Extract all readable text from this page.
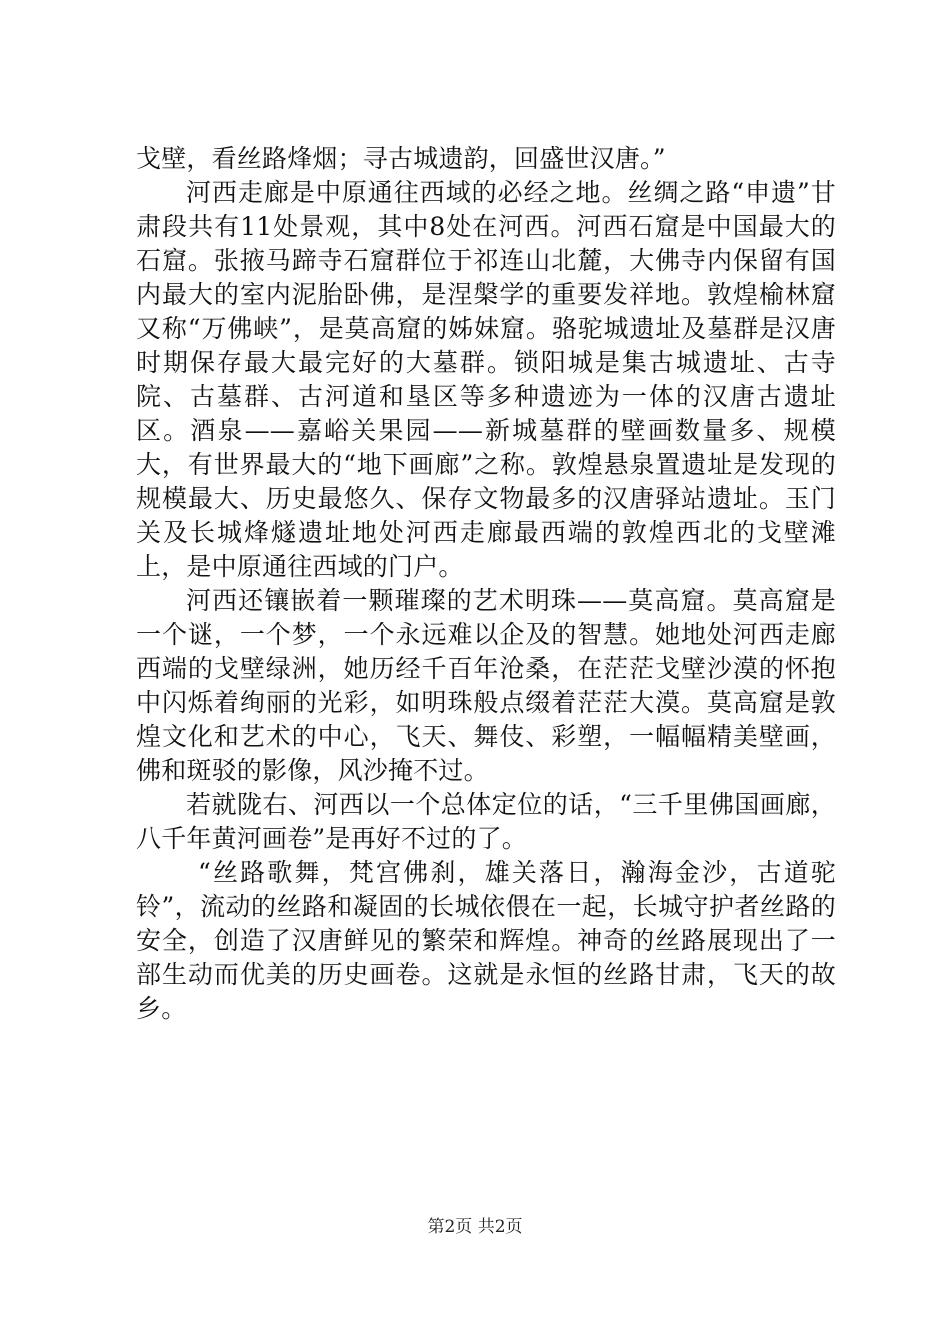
戈壁，看丝路烽烟；寻古城遗韵，回盛世汉唐。”

河西走廊是中原通往西域的必经之地。丝绸之路“申遗”甘肃段共有11处景观，其中8处在河西。河西石窟是中国最大的石窟。张掖马蹄寺石窟群位于祁连山北麓，大佛寺内保留有国内最大的室内泥胎卧佛，是涅槃学的重要发祥地。敦煌榆林窟又称“万佛峡”，是莫高窟的姊妹窟。骆驼城遗址及墓群是汉唐时期保存最大最完好的大墓群。锁阳城是集古城遗址、古寺院、古墓群、古河道和垦区等多种遗迹为一体的汉唐古遗址区。酒泉——嘉峪关果园——新城墓群的壁画数量多、规模大，有世界最大的“地下画廊”之称。敦煌悬泉置遗址是发现的规模最大、历史最悠久、保存文物最多的汉唐驿站遗址。玉门关及长城烽燧遗址地处河西走廊最西端的敦煌西北的戈壁滩上，是中原通往西域的门户。

河西还镶嵌着一颗璀璨的艺术明珠——莫高窟。莫高窟是一个谜，一个梦，一个永远难以企及的智慧。她地处河西走廊西端的戈壁绿洲，她历经千百年沧桑，在茫茫戈壁沙漠的怀抱中闪烁着绚丽的光彩，如明珠般点缀着茫茫大漠。莫高窟是敦煌文化和艺术的中心，飞天、舞伎、彩塑，一幅幅精美壁画，佛和斑驳的影像，风沙掩不过。

若就陇右、河西以一个总体定位的话，“三千里佛国画廊，八千年黄河画卷”是再好不过的了。

“丝路歌舞，梵宫佛刹，雄关落日，瀚海金沙，古道驼铃”，流动的丝路和凝固的长城依偎在一起，长城守护者丝路的安全，创造了汉唐鲜见的繁荣和辉煌。神奇的丝路展现出了一部生动而优美的历史画卷。这就是永恒的丝路甘肃，飞天的故乡。

第2页 共2页
